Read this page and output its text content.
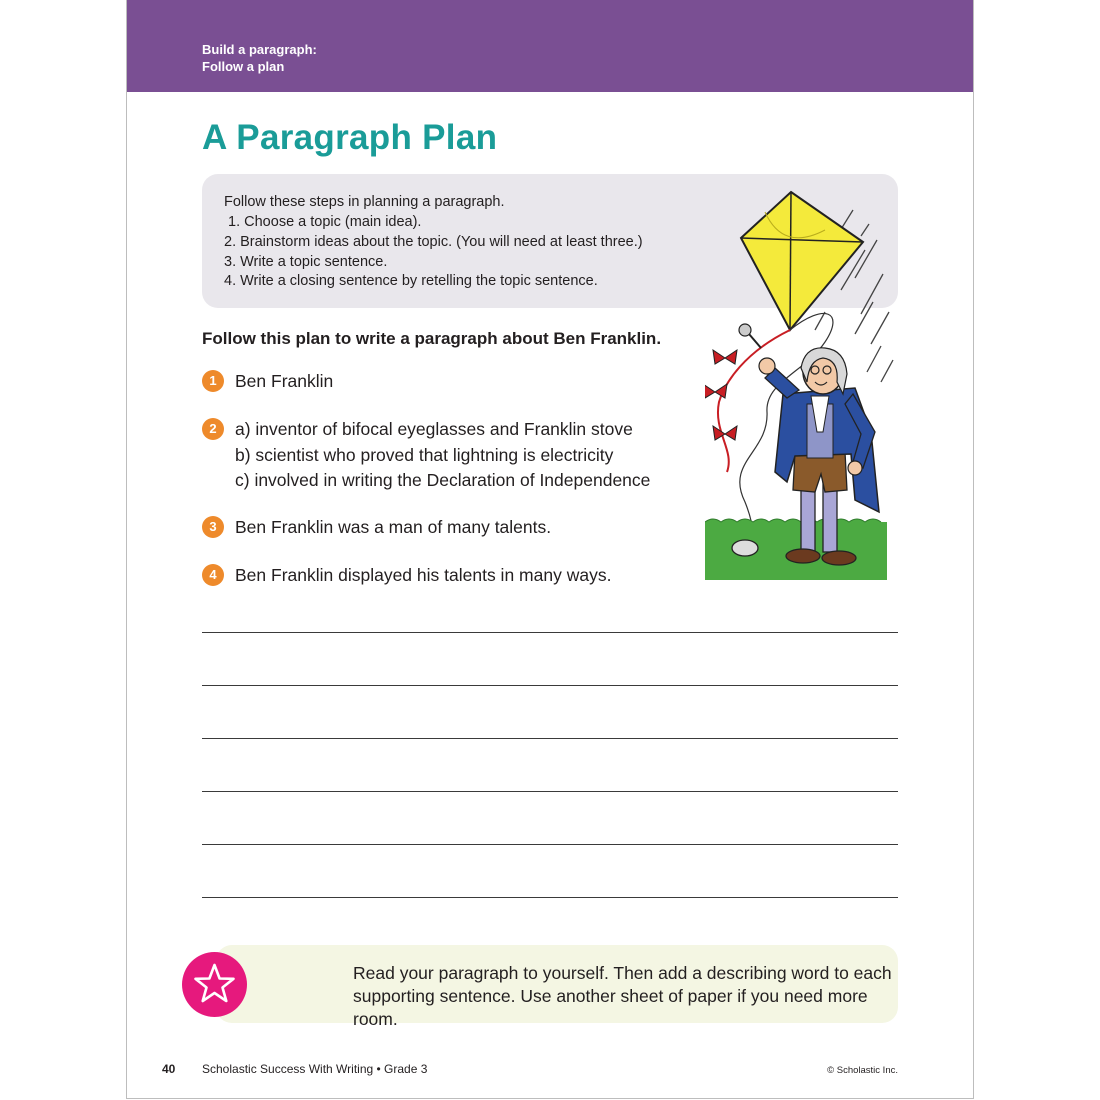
Build a paragraph:
Follow a plan
A Paragraph Plan
Follow these steps in planning a paragraph.
1. Choose a topic (main idea).
2. Brainstorm ideas about the topic. (You will need at least three.)
3. Write a topic sentence.
4. Write a closing sentence by retelling the topic sentence.
Follow this plan to write a paragraph about Ben Franklin.
1	Ben Franklin
2	a) inventor of bifocal eyeglasses and Franklin stove
b) scientist who proved that lightning is electricity
c) involved in writing the Declaration of Independence
3	Ben Franklin was a man of many talents.
4	Ben Franklin displayed his talents in many ways.
Read your paragraph to yourself. Then add a describing word to each
supporting sentence. Use another sheet of paper if you need more room.
40 Scholastic Success With Writing • Grade 3	© Scholastic Inc.
